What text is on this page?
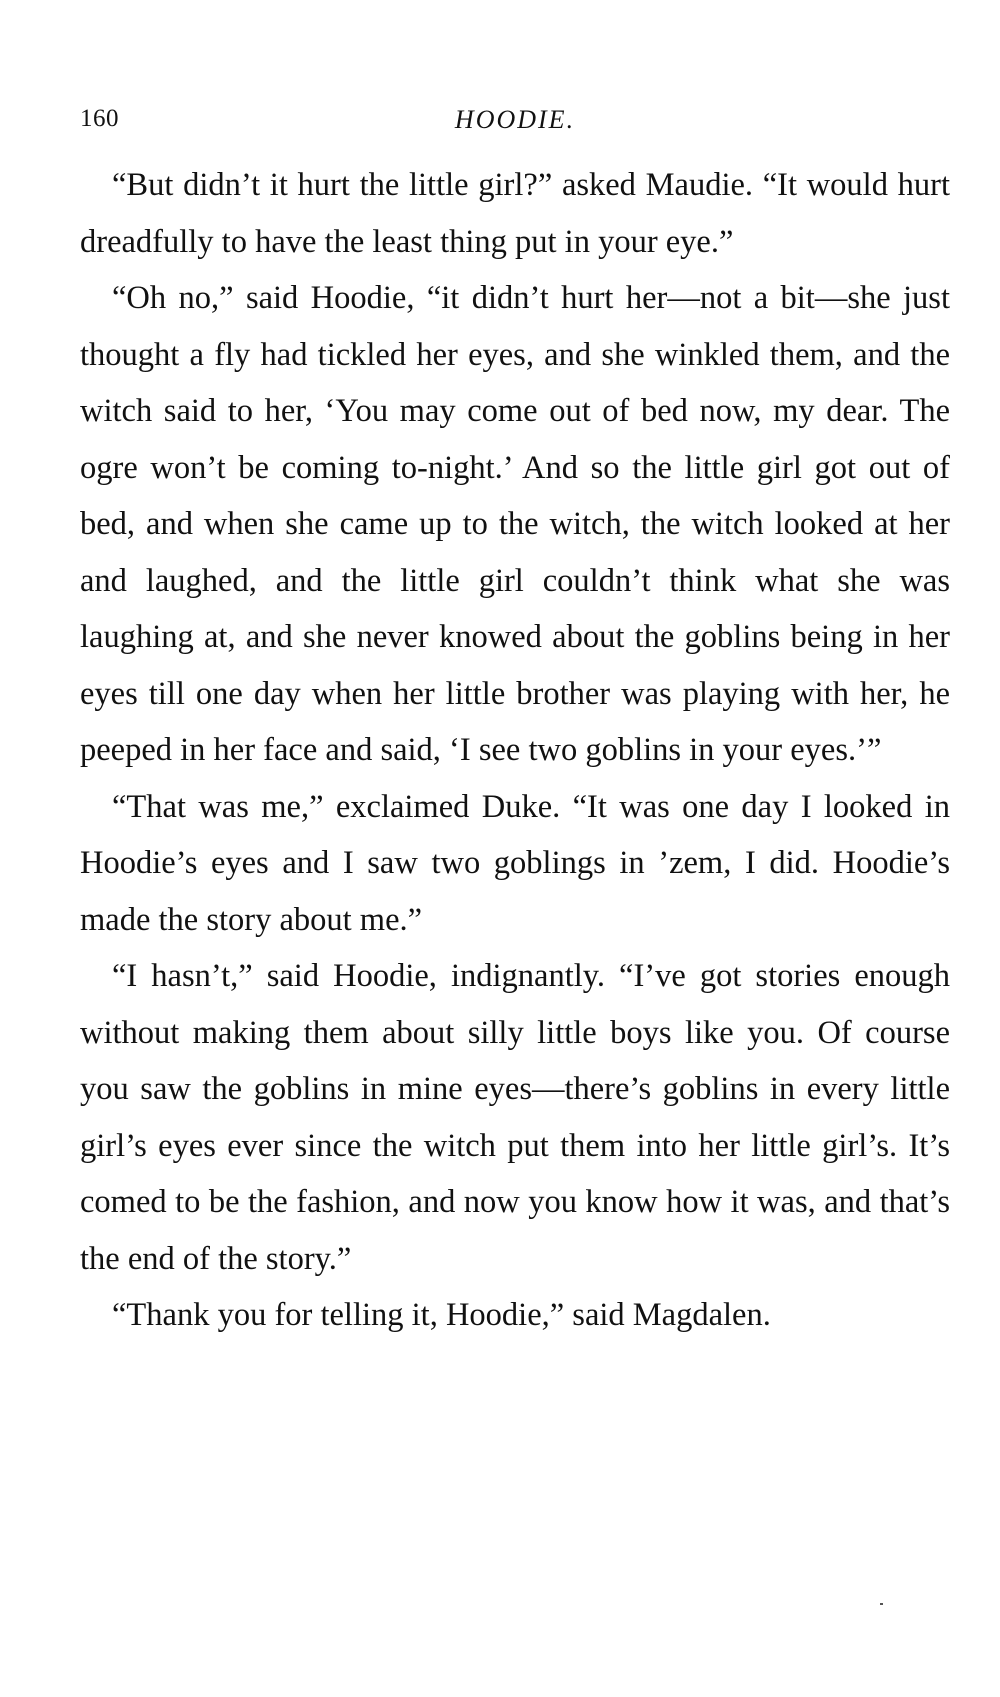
160	HOODIE.

“But didn’t it hurt the little girl?” asked Maudie. “It would hurt dreadfully to have the least thing put in your eye.”

“Oh no,” said Hoodie, “it didn’t hurt her—not a bit—she just thought a fly had tickled her eyes, and she winkled them, and the witch said to her, ‘You may come out of bed now, my dear. The ogre won’t be coming to-night.’ And so the little girl got out of bed, and when she came up to the witch, the witch looked at her and laughed, and the little girl couldn’t think what she was laughing at, and she never knowed about the goblins being in her eyes till one day when her little brother was playing with her, he peeped in her face and said, ‘I see two goblins in your eyes.’”

“That was me,” exclaimed Duke. “It was one day I looked in Hoodie’s eyes and I saw two goblings in ’zem, I did. Hoodie’s made the story about me.”

“I hasn’t,” said Hoodie, indignantly. “I’ve got stories enough without making them about silly little boys like you. Of course you saw the goblins in mine eyes—there’s goblins in every little girl’s eyes ever since the witch put them into her little girl’s. It’s comed to be the fashion, and now you know how it was, and that’s the end of the story.”

“Thank you for telling it, Hoodie,” said Magdalen.
